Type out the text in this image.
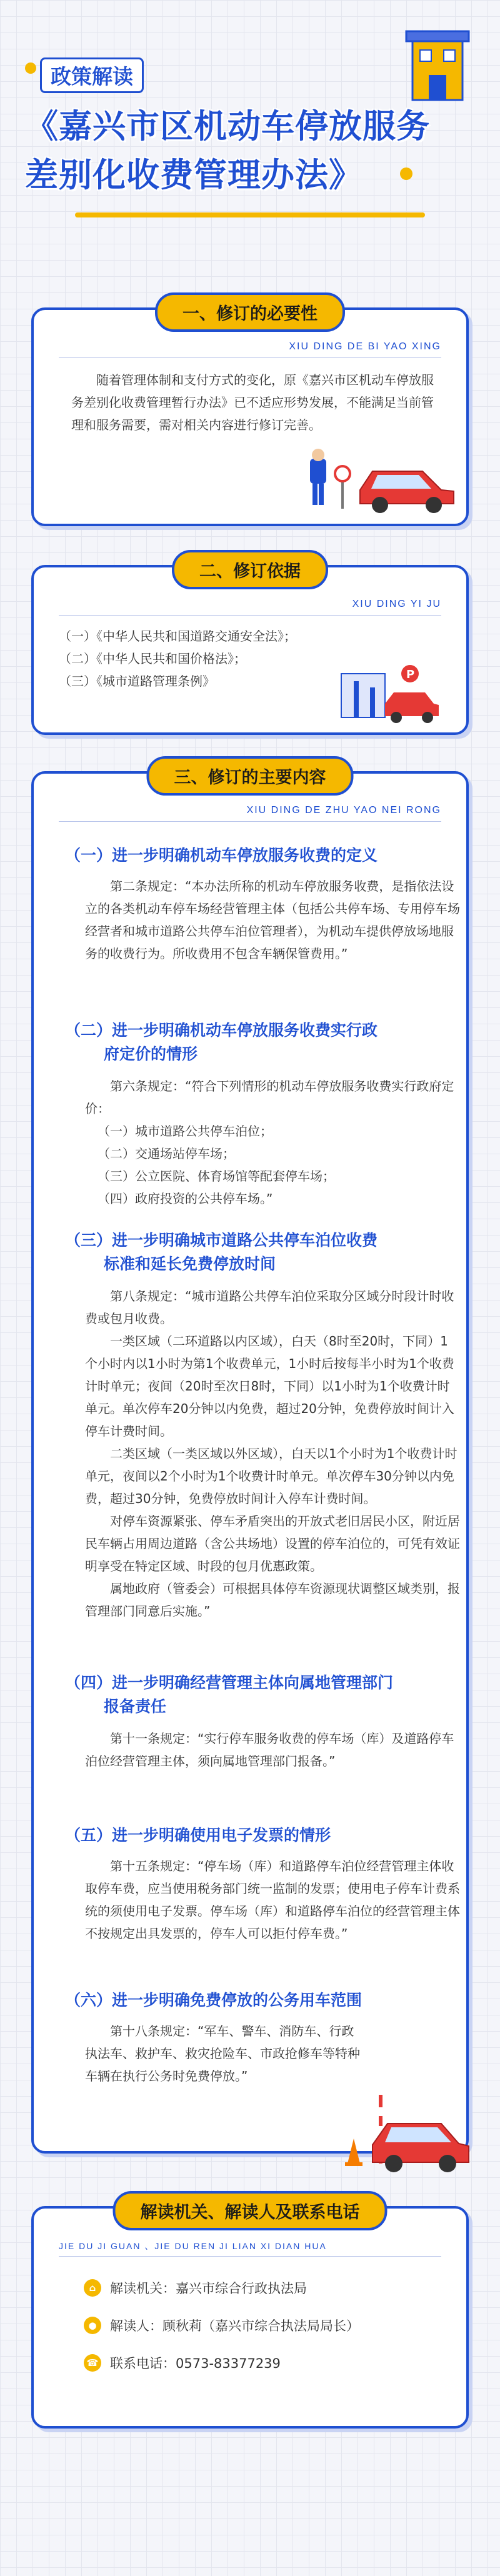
政策解读
《嘉兴市区机动车停放服务
差别化收费管理办法》
一、修订的必要性
XIU DING DE BI YAO XING
随着管理体制和支付方式的变化，原《嘉兴市区机动车停放服务差别化收费管理暂行办法》已不适应形势发展，不能满足当前管理和服务需要，需对相关内容进行修订完善。
二、修订依据
XIU DING YI JU
（一）《中华人民共和国道路交通安全法》；
（二）《中华人民共和国价格法》；
（三）《城市道路管理条例》	P
三、修订的主要内容
XIU DING DE ZHU YAO NEI RONG
（一）进一步明确机动车停放服务收费的定义
第二条规定：“本办法所称的机动车停放服务收费，是指依法设立的各类机动车停车场经营管理主体（包括公共停车场、专用停车场经营者和城市道路公共停车泊位管理者），为机动车提供停放场地服务的收费行为。所收费用不包含车辆保管费用。”
（二）进一步明确机动车停放服务收费实行政
府定价的情形
第六条规定：“符合下列情形的机动车停放服务收费实行政府定价：
（一）城市道路公共停车泊位；
（二）交通场站停车场；
（三）公立医院、体育场馆等配套停车场；
（四）政府投资的公共停车场。”
（三）进一步明确城市道路公共停车泊位收费
标准和延长免费停放时间
第八条规定：“城市道路公共停车泊位采取分区域分时段计时收费或包月收费。
一类区域（二环道路以内区域），白天（8时至20时，下同）1个小时内以1小时为第1个收费单元，1小时后按每半小时为1个收费计时单元；夜间（20时至次日8时，下同）以1小时为1个收费计时单元。单次停车20分钟以内免费，超过20分钟，免费停放时间计入停车计费时间。
二类区域（一类区域以外区域），白天以1个小时为1个收费计时单元，夜间以2个小时为1个收费计时单元。单次停车30分钟以内免费，超过30分钟，免费停放时间计入停车计费时间。
对停车资源紧张、停车矛盾突出的开放式老旧居民小区，附近居民车辆占用周边道路（含公共场地）设置的停车泊位的，可凭有效证明享受在特定区域、时段的包月优惠政策。
属地政府（管委会）可根据具体停车资源现状调整区域类别，报管理部门同意后实施。”
（四）进一步明确经营管理主体向属地管理部门
报备责任
第十一条规定：“实行停车服务收费的停车场（库）及道路停车泊位经营管理主体，须向属地管理部门报备。”
（五）进一步明确使用电子发票的情形
第十五条规定：“停车场（库）和道路停车泊位经营管理主体收取停车费，应当使用税务部门统一监制的发票；使用电子停车计费系统的须使用电子发票。停车场（库）和道路停车泊位的经营管理主体不按规定出具发票的，停车人可以拒付停车费。”
（六）进一步明确免费停放的公务用车范围
第十八条规定：“军车、警车、消防车、行政执法车、救护车、救灾抢险车、市政抢修车等特种车辆在执行公务时免费停放。”
解读机关、解读人及联系电话
JIE DU JI GUAN 、JIE DU REN JI LIAN XI DIAN HUA
⌂	解读机关：嘉兴市综合行政执法局
●	解读人：顾秋莉（嘉兴市综合执法局局长）
☎ 联系电话：0573-83377239
